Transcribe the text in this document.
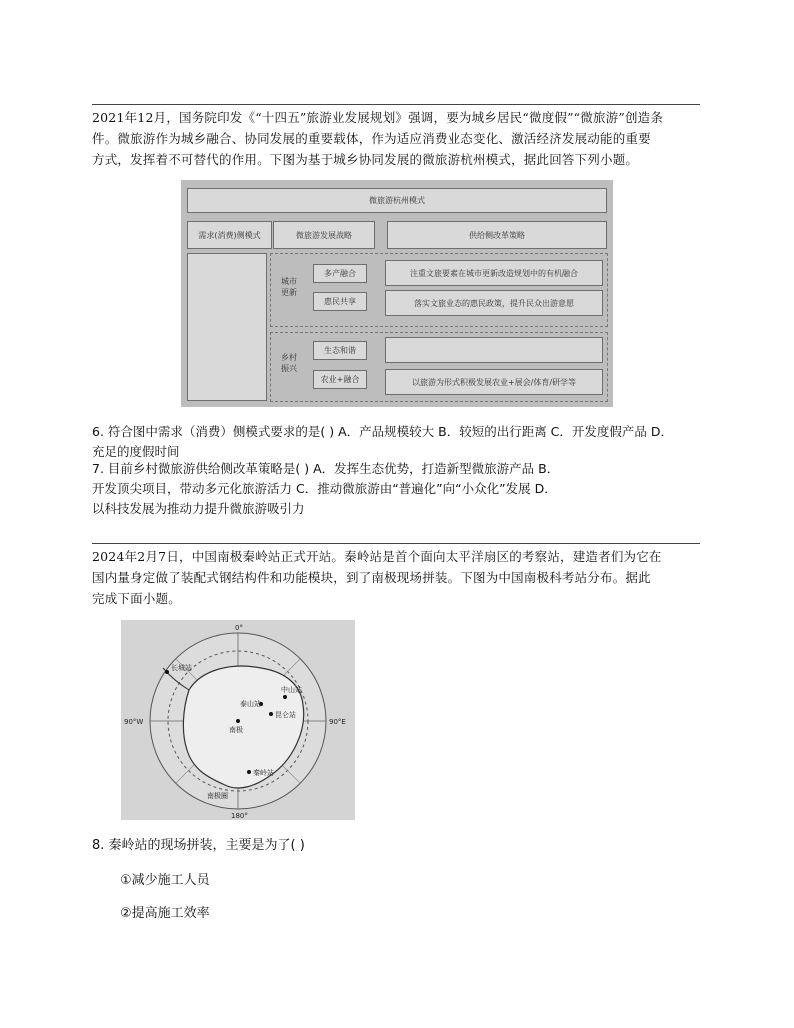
2021年12月，国务院印发《“十四五”旅游业发展规划》强调，要为城乡居民“微度假”“微旅游”创造条
件。微旅游作为城乡融合、协同发展的重要载体，作为适应消费业态变化、激活经济发展动能的重要
方式，发挥着不可替代的作用。下图为基于城乡协同发展的微旅游杭州模式，据此回答下列小题。
微旅游杭州模式
需求(消费)侧模式	微旅游发展战略	供给侧改革策略
城市
更新
多产融合
惠民共享
注重文旅要素在城市更新改造规划中的有机融合
落实文旅业态的惠民政策，提升民众出游意愿
乡村
振兴
生态和谐
农业+融合	以旅游为形式积极发展农业+展会/体育/研学等
6. 符合图中需求（消费）侧模式要求的是( ) A．产品规模较大 B．较短的出行距离 C．开发度假产品 D．
充足的度假时间
7. 目前乡村微旅游供给侧改革策略是( ) A．发挥生态优势，打造新型微旅游产品 B．
开发顶尖项目，带动多元化旅游活力 C．推动微旅游由“普遍化”向“小众化”发展 D．
以科技发展为推动力提升微旅游吸引力
2024年2月7日，中国南极秦岭站正式开站。秦岭站是首个面向太平洋扇区的考察站，建造者们为它在
国内量身定做了装配式钢结构件和功能模块，到了南极现场拼装。下图为中国南极科考站分布。据此
完成下面小题。
0°
180°
90°W	90°E
南极
南极圈
长城站
中山站
泰山站
昆仑站
秦岭站
8. 秦岭站的现场拼装，主要是为了( )
①减少施工人员
②提高施工效率
